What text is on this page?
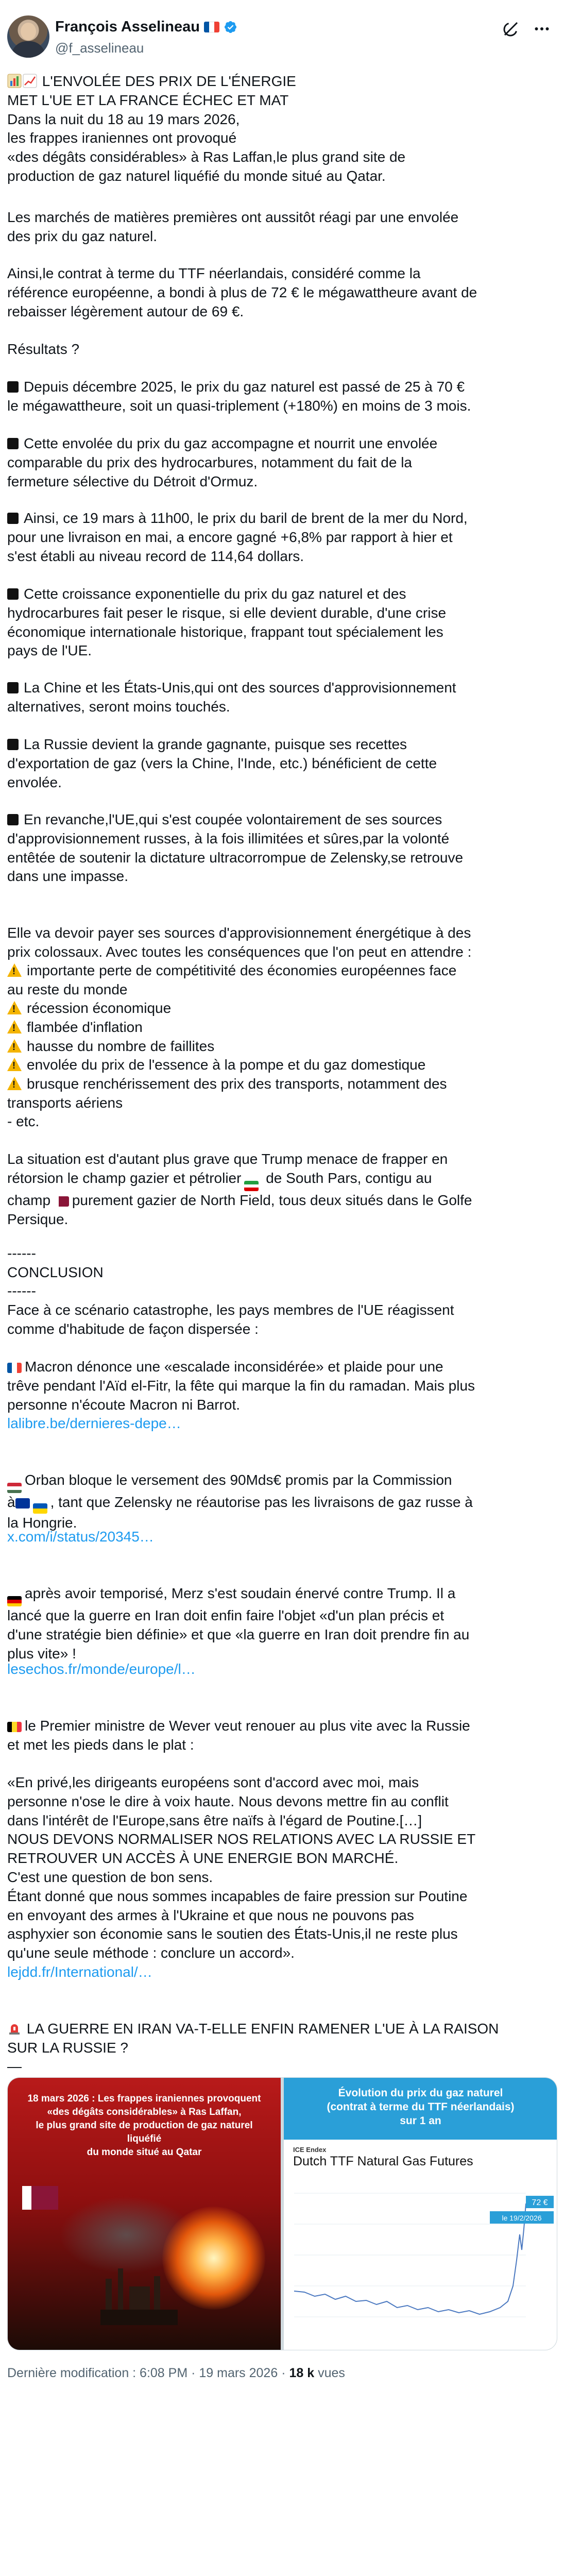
François Asselineau
@f_asselineau
L'ENVOLÉE DES PRIX DE L'ÉNERGIE
MET L'UE ET LA FRANCE ÉCHEC ET MAT
Dans la nuit du 18 au 19 mars 2026,
les frappes iraniennes ont provoqué
«des dégâts considérables» à Ras Laffan,le plus grand site de
production de gaz naturel liquéfié du monde situé au Qatar.
Les marchés de matières premières ont aussitôt réagi par une envolée
des prix du gaz naturel.
Ainsi,le contrat à terme du TTF néerlandais, considéré comme la
référence européenne, a bondi à plus de 72 € le mégawattheure avant de
rebaisser légèrement autour de 69 €.
Résultats ?
Depuis décembre 2025, le prix du gaz naturel est passé de 25 à 70 €
le mégawattheure, soit un quasi-triplement (+180%) en moins de 3 mois.
Cette envolée du prix du gaz accompagne et nourrit une envolée
comparable du prix des hydrocarbures, notamment du fait de la
fermeture sélective du Détroit d'Ormuz.
Ainsi, ce 19 mars à 11h00, le prix du baril de brent de la mer du Nord,
pour une livraison en mai, a encore gagné +6,8% par rapport à hier et
s'est établi au niveau record de 114,64 dollars.
Cette croissance exponentielle du prix du gaz naturel et des
hydrocarbures fait peser le risque, si elle devient durable, d'une crise
économique internationale historique, frappant tout spécialement les
pays de l'UE.
La Chine et les États-Unis,qui ont des sources d'approvisionnement
alternatives, seront moins touchés.
La Russie devient la grande gagnante, puisque ses recettes
d'exportation de gaz (vers la Chine, l'Inde, etc.) bénéficient de cette
envolée.
En revanche,l'UE,qui s'est coupée volontairement de ses sources
d'approvisionnement russes, à la fois illimitées et sûres,par la volonté
entêtée de soutenir la dictature ultracorrompue de Zelensky,se retrouve
dans une impasse.
Elle va devoir payer ses sources d'approvisionnement énergétique à des
prix colossaux. Avec toutes les conséquences que l'on peut en attendre :
!importante perte de compétitivité des économies européennes face
au reste du monde
!récession économique
!flambée d'inflation
!hausse du nombre de faillites
!envolée du prix de l'essence à la pompe et du gaz domestique
!brusque renchérissement des prix des transports, notamment des
transports aériens
- etc.
La situation est d'autant plus grave que Trump menace de frapper en
rétorsion le champ gazier et pétrolier
de South Pars, contigu au
champ
purement gazier de North Field, tous deux situés dans le Golfe
Persique.
------
CONCLUSION
------
Face à ce scénario catastrophe, les pays membres de l'UE réagissent
comme d'habitude de façon dispersée :
Macron dénonce une «escalade inconsidérée» et plaide pour une
trêve pendant l'Aïd el-Fitr, la fête qui marque la fin du ramadan. Mais plus
personne n'écoute Macron ni Barrot.
lalibre.be/dernieres-depe…
Orban bloque le versement des 90Mds€ promis par la Commission
à , tant que Zelensky ne réautorise pas les livraisons de gaz russe à
la Hongrie.
x.com/i/status/20345…
après avoir temporisé, Merz s'est soudain énervé contre Trump. Il a
lancé que la guerre en Iran doit enfin faire l'objet «d'un plan précis et
d'une stratégie bien définie» et que «la guerre en Iran doit prendre fin au
plus vite» !
lesechos.fr/monde/europe/l…
le Premier ministre de Wever veut renouer au plus vite avec la Russie
et met les pieds dans le plat :
«En privé,les dirigeants européens sont d'accord avec moi, mais
personne n'ose le dire à voix haute. Nous devons mettre fin au conflit
dans l'intérêt de l'Europe,sans être naïfs à l'égard de Poutine.[…]
NOUS DEVONS NORMALISER NOS RELATIONS AVEC LA RUSSIE ET
RETROUVER UN ACCÈS À UNE ENERGIE BON MARCHÉ.
C'est une question de bon sens.
Étant donné que nous sommes incapables de faire pression sur Poutine
en envoyant des armes à l'Ukraine et que nous ne pouvons pas
asphyxier son économie sans le soutien des États-Unis,il ne reste plus
qu'une seule méthode : conclure un accord».
lejdd.fr/International/…
LA GUERRE EN IRAN VA-T-ELLE ENFIN RAMENER L'UE À LA RAISON
SUR LA RUSSIE ?
—
18 mars 2026 : Les frappes iraniennes provoquent
«des dégâts considérables» à Ras Laffan,
le plus grand site de production de gaz naturel liquéfié
du monde situé au Qatar
Évolution du prix du gaz naturel
(contrat à terme du TTF néerlandais)
sur 1 an
ICE Endex
Dutch TTF Natural Gas Futures
72 €
le 19/2/2026
Dernière modification : 6:08 PM · 19 mars 2026 · 18 k vues
